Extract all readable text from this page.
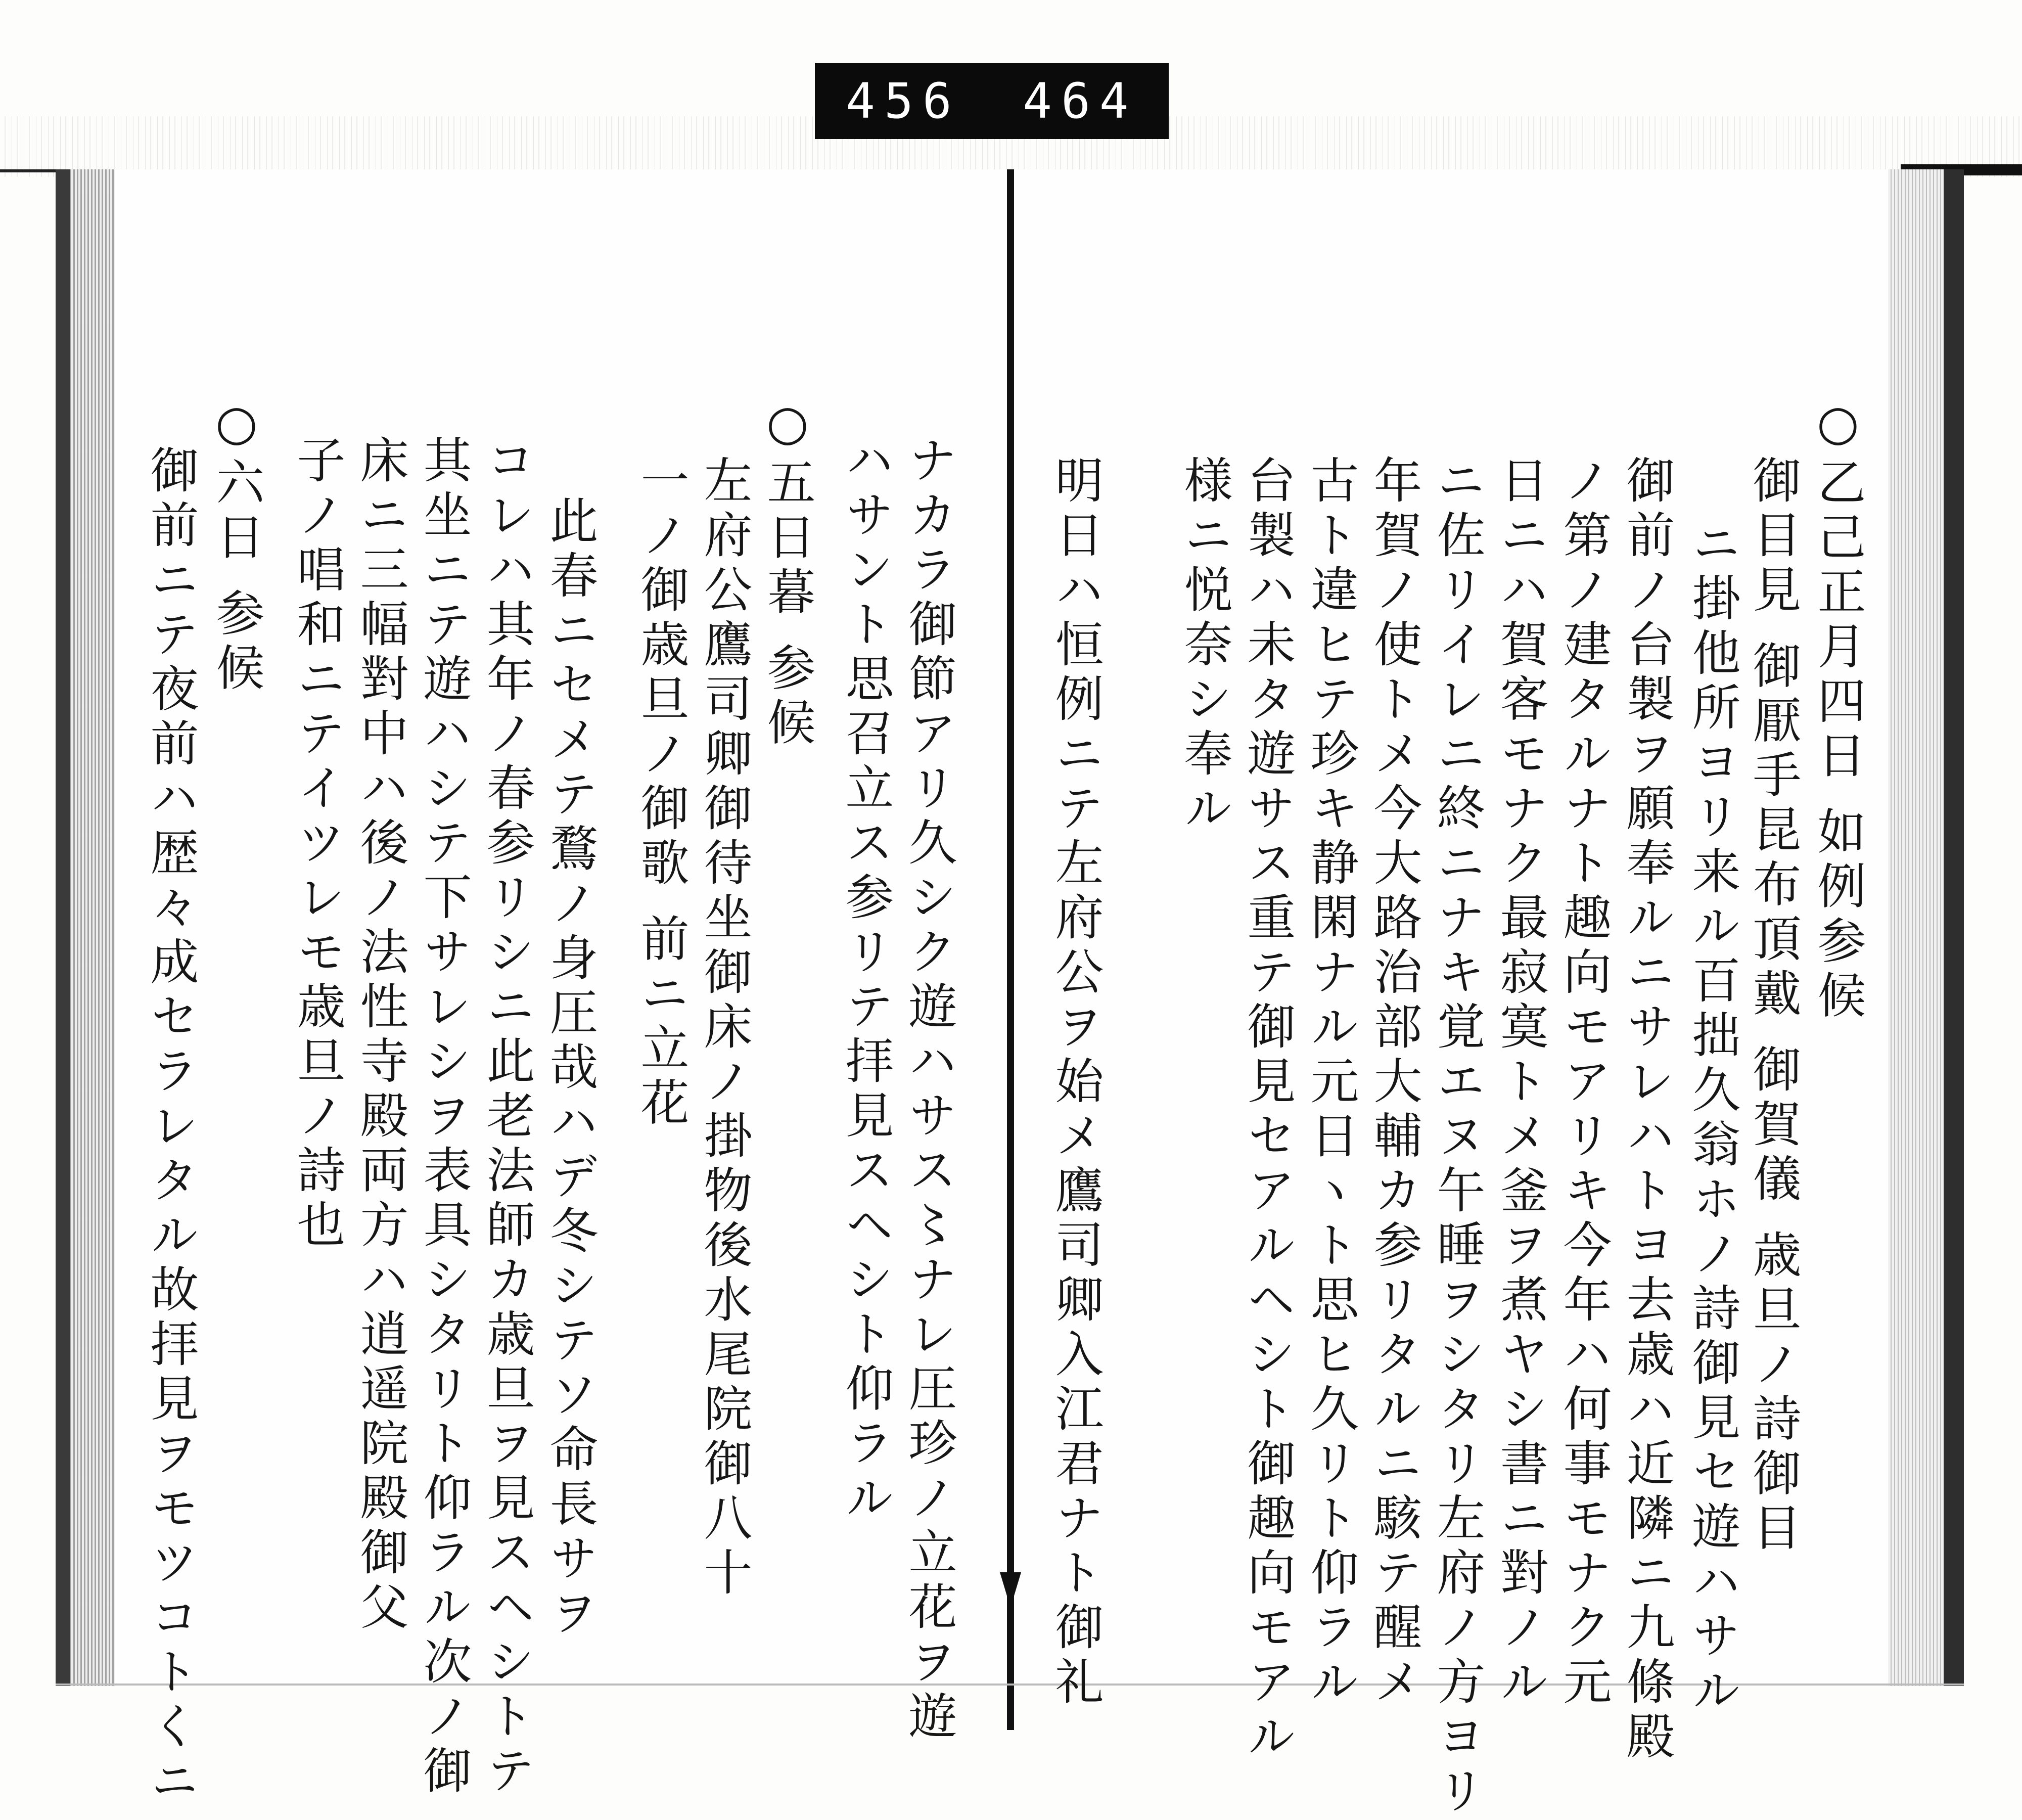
456 464
○乙己正月四日 如例参候
御目見 御厭手昆布頂戴 御賀儀 歳旦ノ詩御目
ニ掛他所ヨリ来ル百拙久翁ホノ詩御見セ遊ハサル
御前ノ台製ヲ願奉ルニサレハトヨ去歳ハ近隣ニ九條殿
ノ第ノ建タルナト趣向モアリキ今年ハ何事モナク元
日ニハ賀客モナク最寂寞トメ釜ヲ煮ヤシ書ニ對ノル
ニ佐リイレニ終ニナキ覚エヌ午睡ヲシタリ左府ノ方ヨリ
年賀ノ使トメ今大路治部大輔カ参リタルニ駭テ醒メ
古ト違ヒテ珍キ静閑ナル元日ヽト思ヒ久リト仰ラル
台製ハ未タ遊サス重テ御見セアルヘシト御趣向モアル
様ニ悦奈シ奉ル
明日ハ恒例ニテ左府公ヲ始メ鷹司卿入江君ナト御礼
ナカラ御節アリ久シク遊ハサス〻ナレ圧珍ノ立花ヲ遊
ハサント思召立ス参リテ拝見スヘシト仰ラル
○五日暮 参候
左府公鷹司卿御待坐御床ノ掛物後水尾院御八十
一ノ御歳旦ノ御歌 前ニ立花
此春ニセメテ鶩ノ身圧哉ハデ冬シテソ命長サヲ
コレハ其年ノ春参リシニ此老法師カ歳旦ヲ見スヘシトテ
其坐ニテ遊ハシテ下サレシヲ表具シタリト仰ラル次ノ御
床ニ三幅對中ハ後ノ法性寺殿両方ハ逍遥院殿御父
子ノ唱和ニテイツレモ歳旦ノ詩也
○六日 参候
御前ニテ夜前ハ歴々成セラレタル故拝見ヲモツコトくニ
